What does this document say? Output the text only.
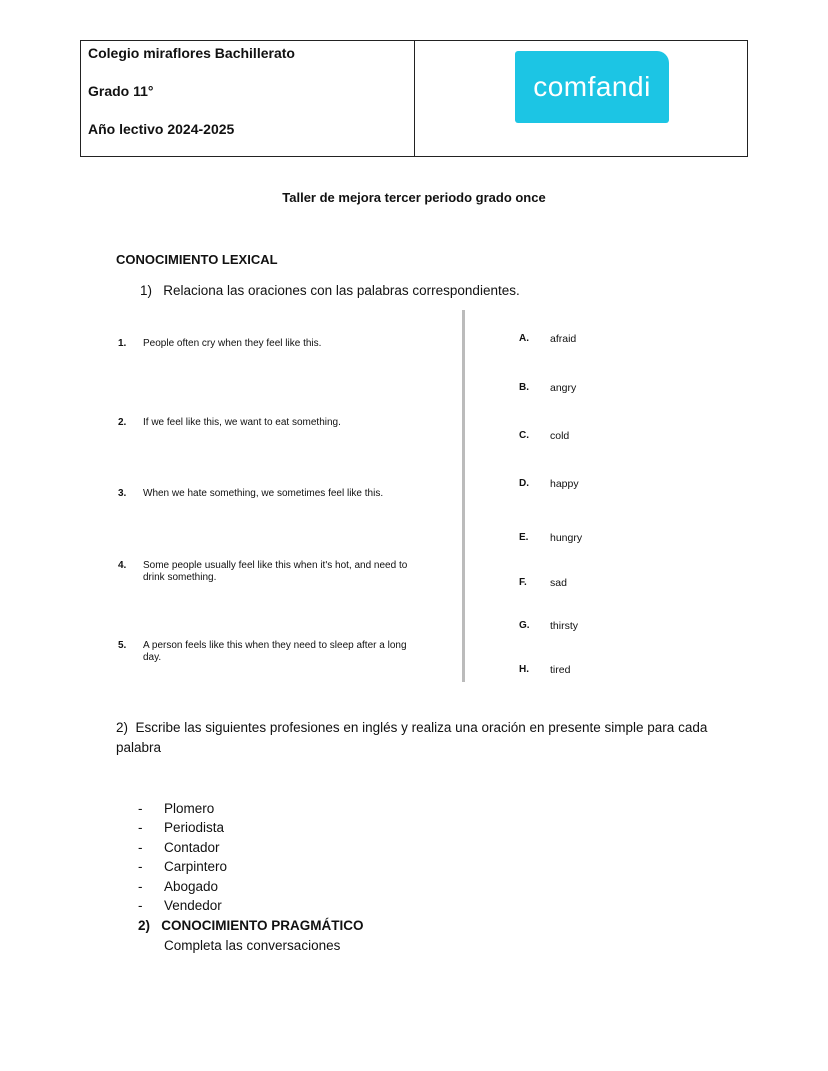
Colegio miraflores Bachillerato
Grado 11°
Año lectivo 2024-2025
comfandi
Taller de mejora tercer periodo grado once
CONOCIMIENTO LEXICAL
1)   Relaciona las oraciones con las palabras correspondientes.
1. People often cry when they feel like this.
2. If we feel like this, we want to eat something.
3. When we hate something, we sometimes feel like this.
4. Some people usually feel like this when it's hot, and need to drink something.
5. A person feels like this when they need to sleep after a long day.
A. afraid
B. angry
C. cold
D. happy
E. hungry
F. sad
G. thirsty
H. tired
2)  Escribe las siguientes profesiones en inglés y realiza una oración en presente simple para cada palabra
- Plomero
- Periodista
- Contador
- Carpintero
- Abogado
- Vendedor
2)   CONOCIMIENTO PRAGMÁTICO
Completa las conversaciones
